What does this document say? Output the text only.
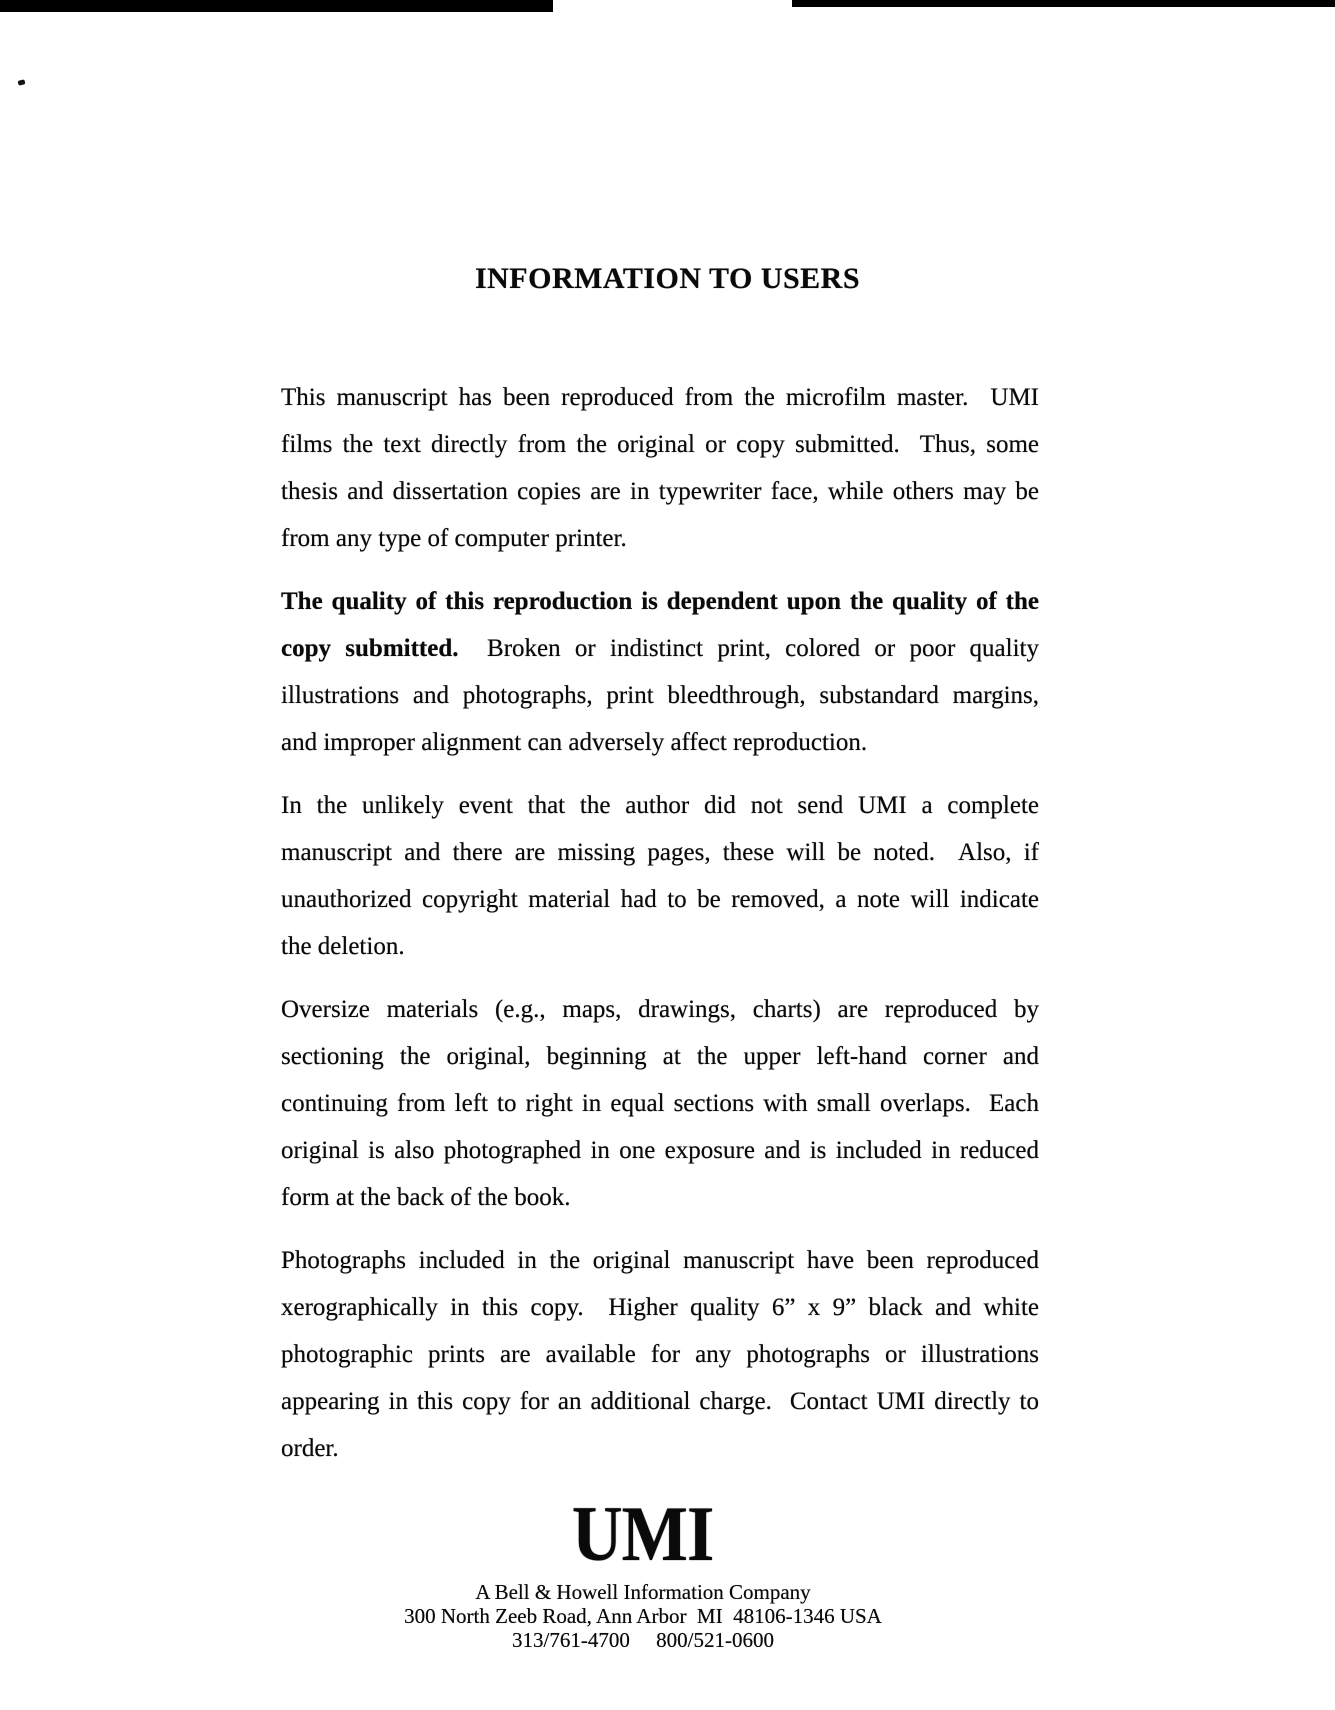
INFORMATION TO USERS
This manuscript has been reproduced from the microfilm master.  UMI
films the text directly from the original or copy submitted.  Thus, some
thesis and dissertation copies are in typewriter face, while others may be
from any type of computer printer.
The quality of this reproduction is dependent upon the quality of the
copy submitted.  Broken or indistinct print, colored or poor quality
illustrations and photographs, print bleedthrough, substandard margins,
and improper alignment can adversely affect reproduction.
In the unlikely event that the author did not send UMI a complete
manuscript and there are missing pages, these will be noted.  Also, if
unauthorized copyright material had to be removed, a note will indicate
the deletion.
Oversize materials (e.g., maps, drawings, charts) are reproduced by
sectioning the original, beginning at the upper left-hand corner and
continuing from left to right in equal sections with small overlaps.  Each
original is also photographed in one exposure and is included in reduced
form at the back of the book.
Photographs included in the original manuscript have been reproduced
xerographically in this copy.  Higher quality 6” x 9” black and white
photographic prints are available for any photographs or illustrations
appearing in this copy for an additional charge.  Contact UMI directly to
order.
UMI
A Bell & Howell Information Company
300 North Zeeb Road, Ann Arbor  MI  48106-1346 USA
313/761-4700     800/521-0600
